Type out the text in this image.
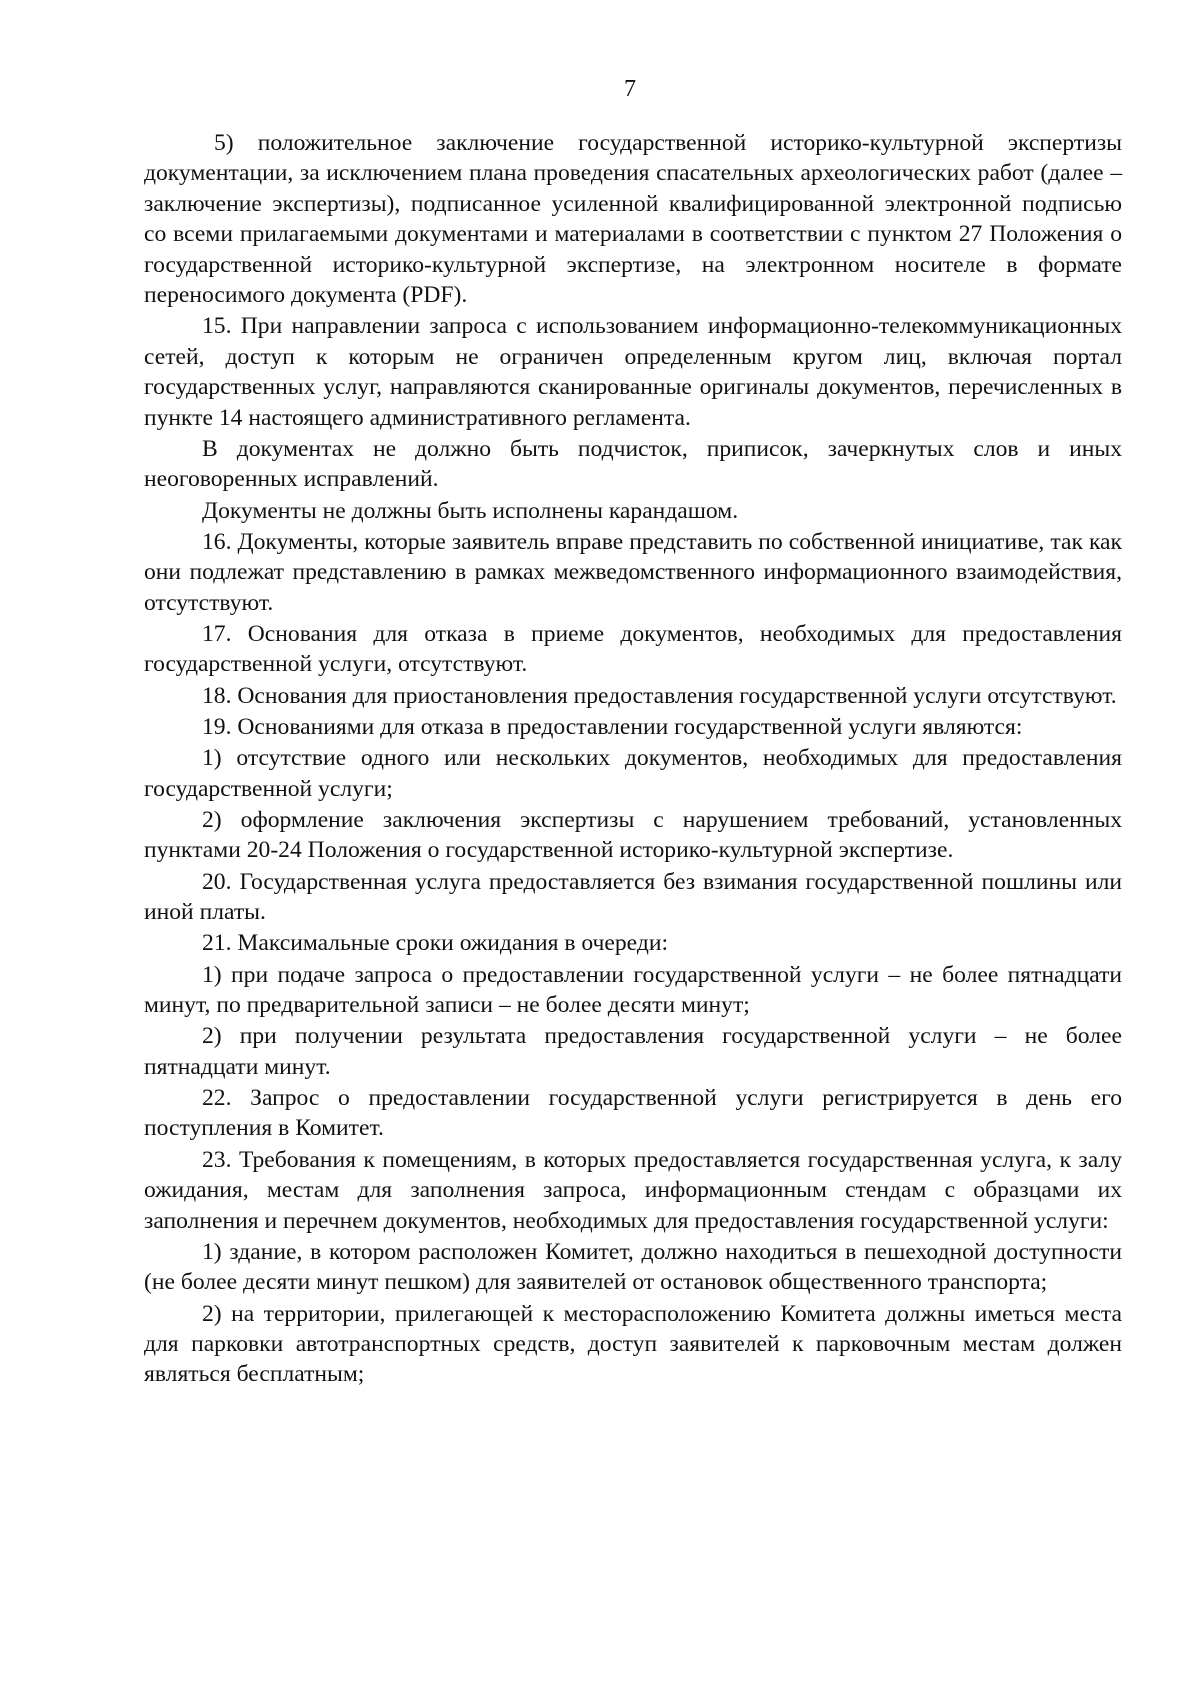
7

5) положительное заключение государственной историко-культурной экспертизы документации, за исключением плана проведения спасательных археологических работ (далее – заключение экспертизы), подписанное усиленной квалифицированной электронной подписью со всеми прилагаемыми документами и материалами в соответствии с пунктом 27 Положения о государственной историко-культурной экспертизе, на электронном носителе в формате переносимого документа (PDF).

15. При направлении запроса с использованием информационно-телекоммуникационных сетей, доступ к которым не ограничен определенным кругом лиц, включая портал государственных услуг, направляются сканированные оригиналы документов, перечисленных в пункте 14 настоящего административного регламента.

В документах не должно быть подчисток, приписок, зачеркнутых слов и иных неоговоренных исправлений.

Документы не должны быть исполнены карандашом.

16. Документы, которые заявитель вправе представить по собственной инициативе, так как они подлежат представлению в рамках межведомственного информационного взаимодействия, отсутствуют.

17. Основания для отказа в приеме документов, необходимых для предоставления государственной услуги, отсутствуют.

18. Основания для приостановления предоставления государственной услуги отсутствуют.

19. Основаниями для отказа в предоставлении государственной услуги являются:

1) отсутствие одного или нескольких документов, необходимых для предоставления государственной услуги;

2) оформление заключения экспертизы с нарушением требований, установленных пунктами 20-24 Положения о государственной историко-культурной экспертизе.

20. Государственная услуга предоставляется без взимания государственной пошлины или иной платы.

21. Максимальные сроки ожидания в очереди:

1) при подаче запроса о предоставлении государственной услуги – не более пятнадцати минут, по предварительной записи – не более десяти минут;

2) при получении результата предоставления государственной услуги – не более пятнадцати минут.

22. Запрос о предоставлении государственной услуги регистрируется в день его поступления в Комитет.

23. Требования к помещениям, в которых предоставляется государственная услуга, к залу ожидания, местам для заполнения запроса, информационным стендам с образцами их заполнения и перечнем документов, необходимых для предоставления государственной услуги:

1) здание, в котором расположен Комитет, должно находиться в пешеходной доступности (не более десяти минут пешком) для заявителей от остановок общественного транспорта;

2) на территории, прилегающей к месторасположению Комитета должны иметься места для парковки автотранспортных средств, доступ заявителей к парковочным местам должен являться бесплатным;
